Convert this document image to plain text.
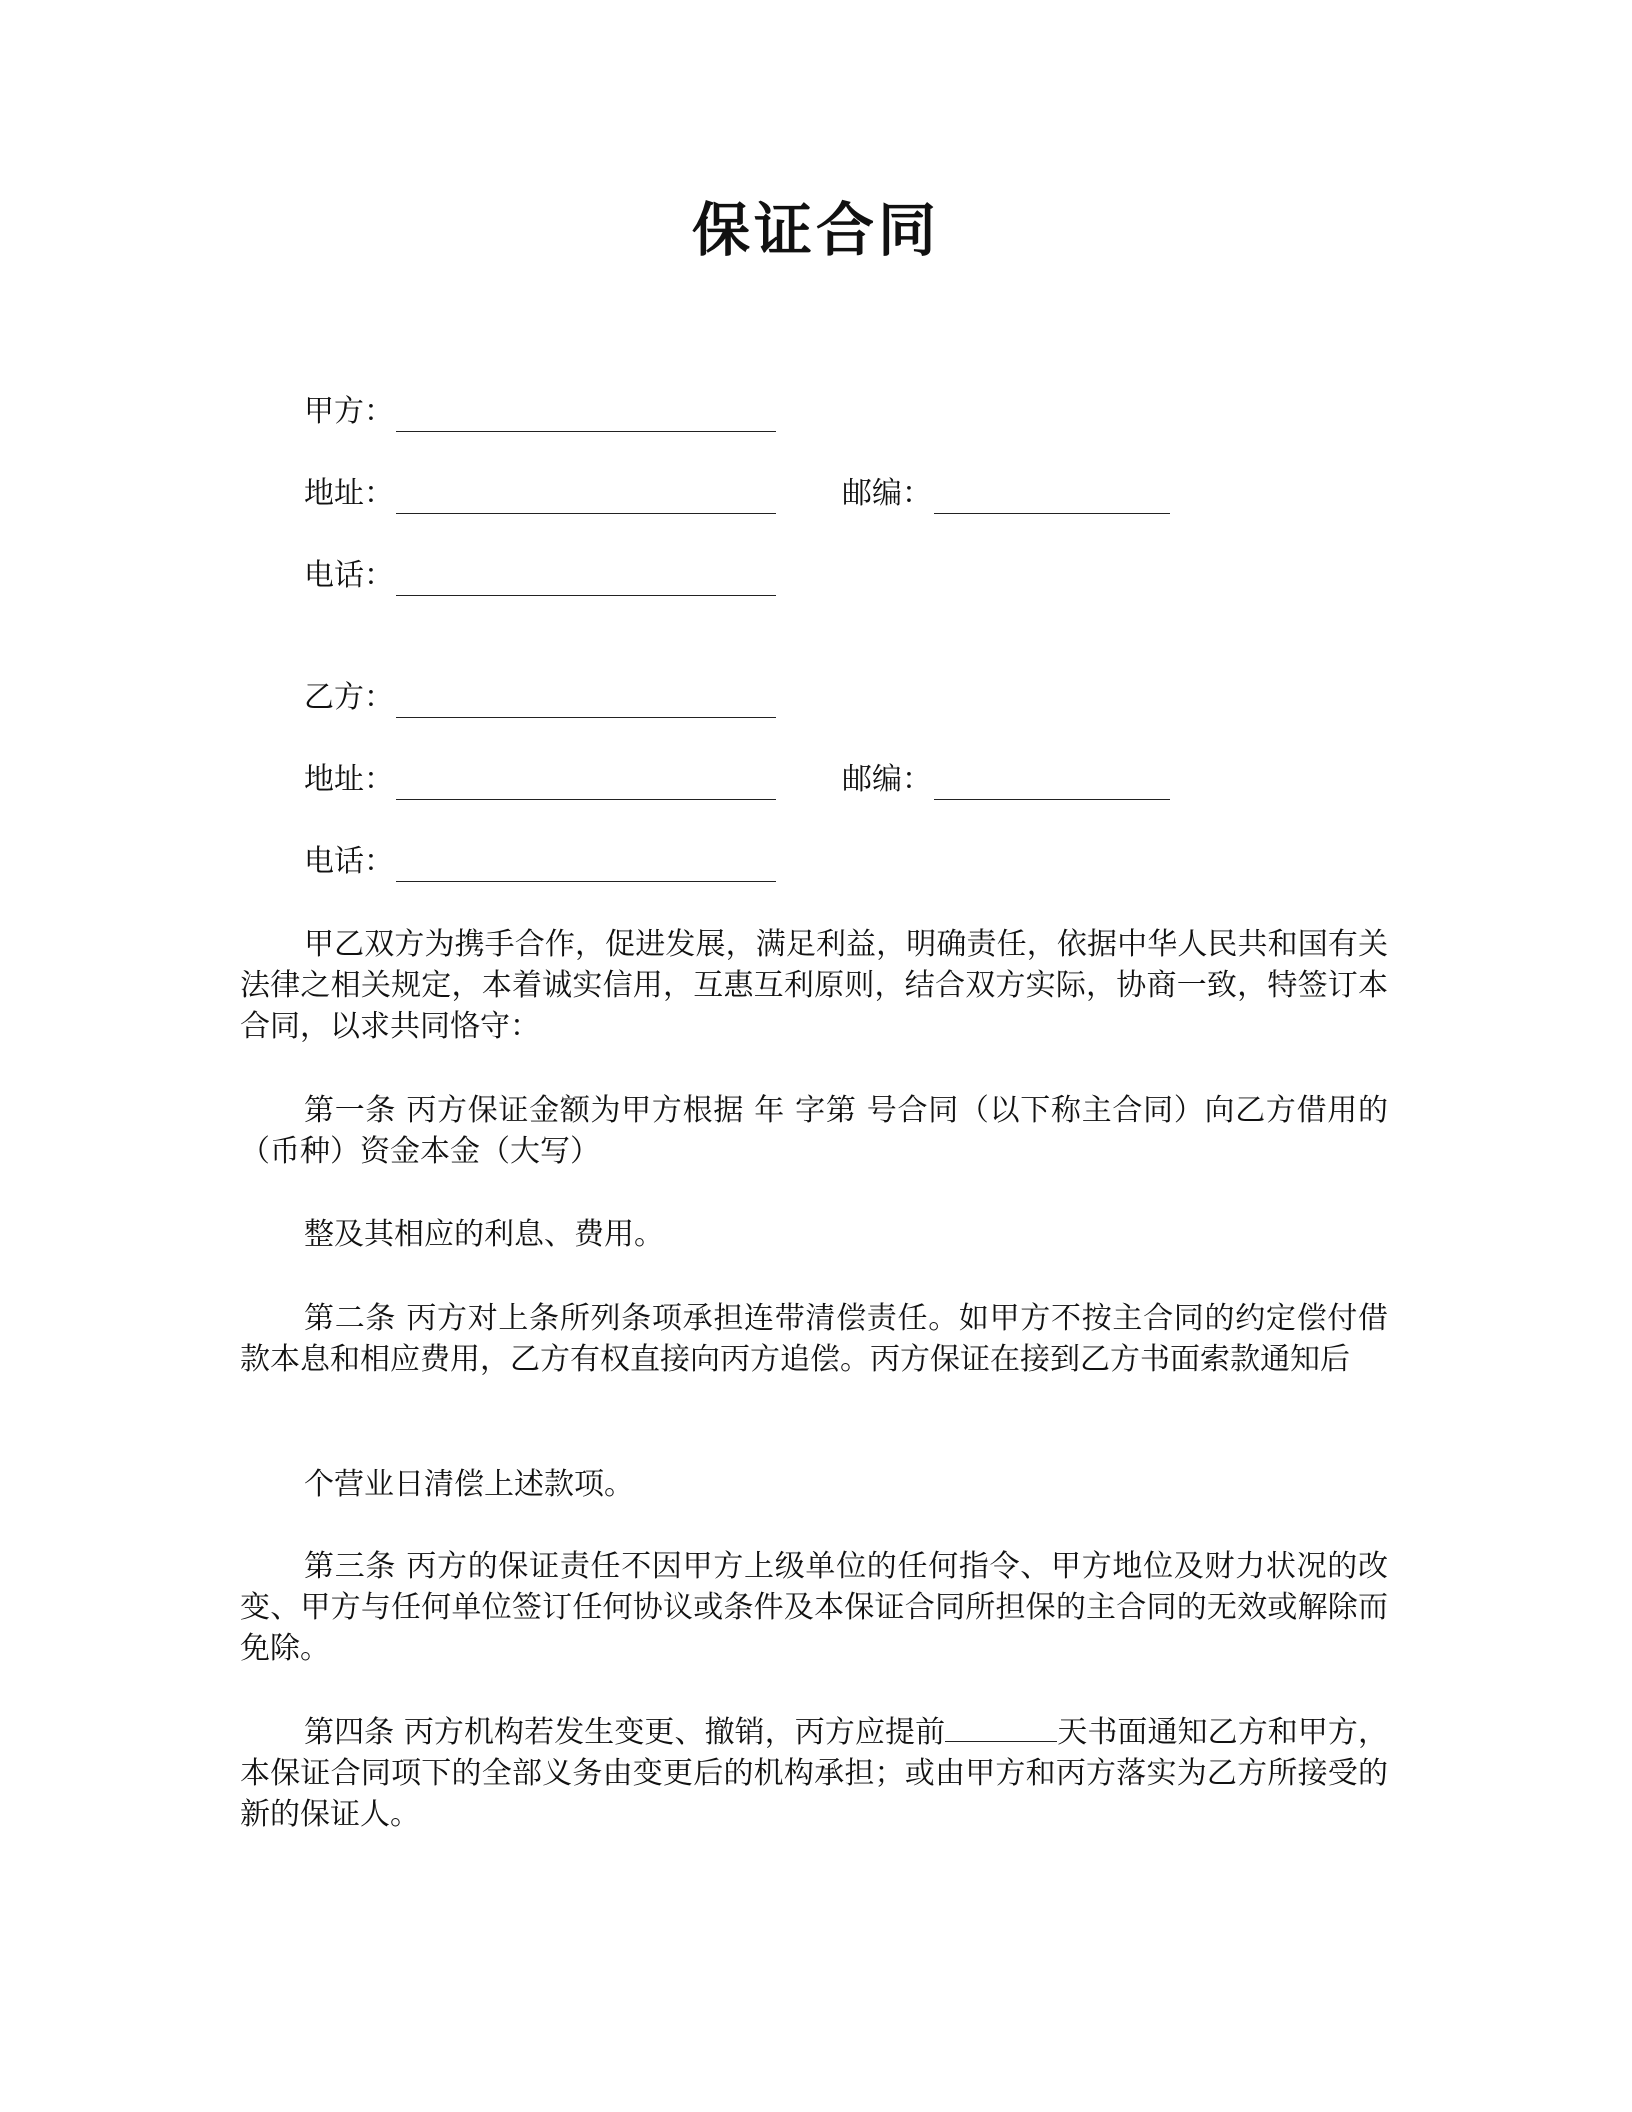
保证合同
甲方：
地址：	邮编：
电话：
乙方：
地址：	邮编：
电话：

甲乙双方为携手合作，促进发展，满足利益，明确责任，依据中华人民共和国有关法律之相关规定，本着诚实信用，互惠互利原则，结合双方实际，协商一致，特签订本合同，以求共同恪守：

第一条 丙方保证金额为甲方根据 年 字第 号合同（以下称主合同）向乙方借用的 （币种）资金本金（大写）

整及其相应的利息、费用。

第二条 丙方对上条所列条项承担连带清偿责任。如甲方不按主合同的约定偿付借款本息和相应费用，乙方有权直接向丙方追偿。丙方保证在接到乙方书面索款通知后

个营业日清偿上述款项。

第三条 丙方的保证责任不因甲方上级单位的任何指令、甲方地位及财力状况的改变、甲方与任何单位签订任何协议或条件及本保证合同所担保的主合同的无效或解除而免除。

第四条 丙方机构若发生变更、撤销，丙方应提前	天书面通知乙方和甲方，本保证合同项下的全部义务由变更后的机构承担；或由甲方和丙方落实为乙方所接受的新的保证人。
